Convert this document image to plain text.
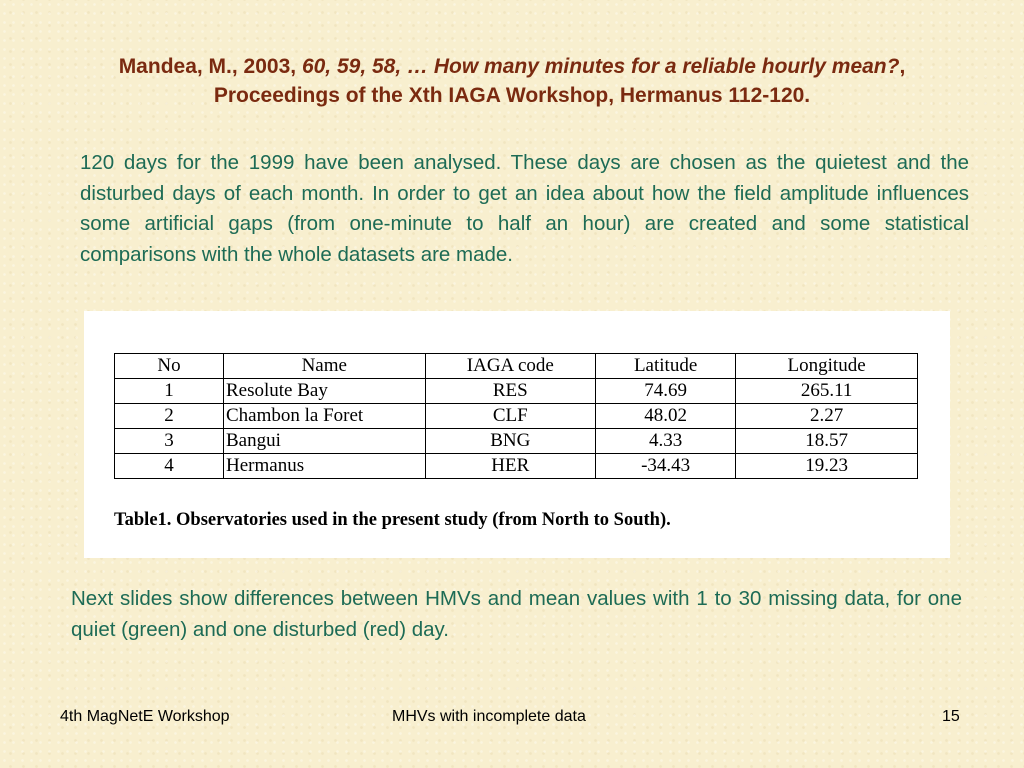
Mandea, M., 2003, 60, 59, 58, … How many minutes for a reliable hourly mean?,
Proceedings of the Xth IAGA Workshop, Hermanus 112-120.

120 days for the 1999 have been analysed. These days are chosen as the quietest and the disturbed days of each month. In order to get an idea about how the field amplitude influences some artificial gaps (from one-minute to half an hour) are created and some statistical comparisons with the whole datasets are made.

No	Name	IAGA code	Latitude	Longitude
1	Resolute Bay	RES	74.69	265.11
2	Chambon la Foret	CLF	48.02	2.27
3	Bangui	BNG	4.33	18.57
4	Hermanus	HER	-34.43	19.23
Table1. Observatories used in the present study (from North to South).

Next slides show differences between HMVs and mean values with 1 to 30 missing data, for one quiet (green) and one disturbed (red) day.

4th MagNetE Workshop	MHVs with incomplete data	15
